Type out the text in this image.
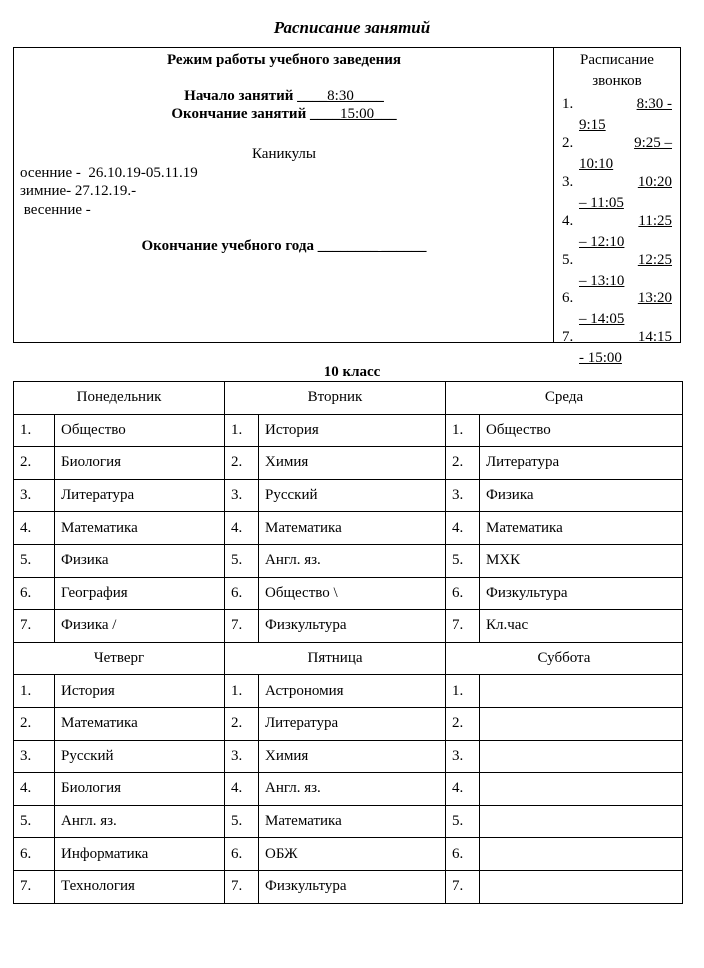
Расписание занятий
Режим работы учебного заведения
Начало занятий ____8:30____
Окончание занятий ____15:00___
Каникулы
осенние -  26.10.19-05.11.19
зимние- 27.12.19.-
весенние -
Окончание учебного года ________ ______
Расписание
звонков
1.	8:30 -
9:15
2.	9:25 –
10:10
3.	10:20
– 11:05
4.	11:25
– 12:10
5.	12:25
– 13:10
6.	13:20
– 14:05
7.	14:15
- 15:00
10 класс
Понедельник		Вторник		Среда	
1.	Общество	1.	История	1.	Общество
2.	Биология	2.	Химия	2.	Литература
3.	Литература	3.	Русский	3.	Физика
4.	Математика	4.	Математика	4.	Математика
5.	Физика	5.	Англ. яз.	5.	МХК
6.	География	6.	Общество \	6.	Физкультура
7.	Физика /	7.	Физкультура	7.	Кл.час
Четверг		Пятница		Суббота	
1.	История	1.	Астрономия	1.	
2.	Математика	2.	Литература	2.	
3.	Русский	3.	Химия	3.	
4.	Биология	4.	Англ. яз.	4.	
5.	Англ. яз.	5.	Математика	5.	
6.	Информатика	6.	ОБЖ	6.	
7.	Технология	7.	Физкультура	7.	
